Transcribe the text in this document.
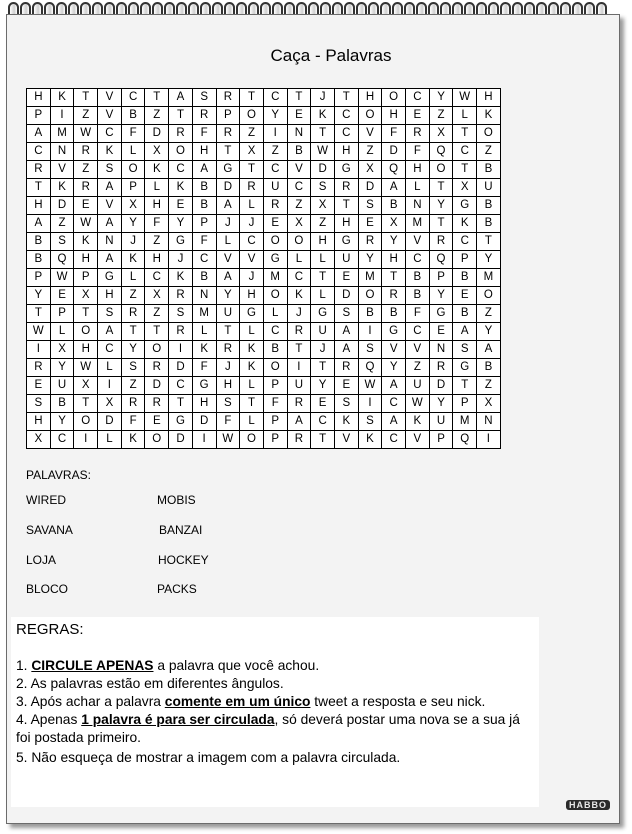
Caça - Palavras
H	K	T	V	C	T	A	S	R	T	C	T	J	T	H	O	C	Y	W	H
P	I	Z	V	B	Z	T	R	P	O	Y	E	K	C	O	H	E	Z	L	K
A	M	W	C	F	D	R	F	R	Z	I	N	T	C	V	F	R	X	T	O
C	N	R	K	L	X	O	H	T	X	Z	B	W	H	Z	D	F	Q	C	Z
R	V	Z	S	O	K	C	A	G	T	C	V	D	G	X	Q	H	O	T	B
T	K	R	A	P	L	K	B	D	R	U	C	S	R	D	A	L	T	X	U
H	D	E	V	X	H	E	B	A	L	R	Z	X	T	S	B	N	Y	G	B
A	Z	W	A	Y	F	Y	P	J	J	E	X	Z	H	E	X	M	T	K	B
B	S	K	N	J	Z	G	F	L	C	O	O	H	G	R	Y	V	R	C	T
B	Q	H	A	K	H	J	C	V	V	G	L	L	U	Y	H	C	Q	P	Y
P	W	P	G	L	C	K	B	A	J	M	C	T	E	M	T	B	P	B	M
Y	E	X	H	Z	X	R	N	Y	H	O	K	L	D	O	R	B	Y	E	O
T	P	T	S	R	Z	S	M	U	G	L	J	G	S	B	B	F	G	B	Z
W	L	O	A	T	T	R	L	T	L	C	R	U	A	I	G	C	E	A	Y
I	X	H	C	Y	O	I	K	R	K	B	T	J	A	S	V	V	N	S	A
R	Y	W	L	S	R	D	F	J	K	O	I	T	R	Q	Y	Z	R	G	B
E	U	X	I	Z	D	C	G	H	L	P	U	Y	E	W	A	U	D	T	Z
S	B	T	X	R	R	T	H	S	T	F	R	E	S	I	C	W	Y	P	X
H	Y	O	D	F	E	G	D	F	L	P	A	C	K	S	A	K	U	M	N
X	C	I	L	K	O	D	I	W	O	P	R	T	V	K	C	V	P	Q	I
PALAVRAS:
WIRED	MOBIS
SAVANA	BANZAI
LOJA	HOCKEY
BLOCO	PACKS
REGRAS:
1. CIRCULE APENAS a palavra que você achou.
2. As palavras estão em diferentes ângulos.
3. Após achar a palavra comente em um único tweet a resposta e seu nick.
4. Apenas 1 palavra é para ser circulada, só deverá postar uma nova se a sua já foi postada primeiro.
5. Não esqueça de mostrar a imagem com a palavra circulada.
HABBO
